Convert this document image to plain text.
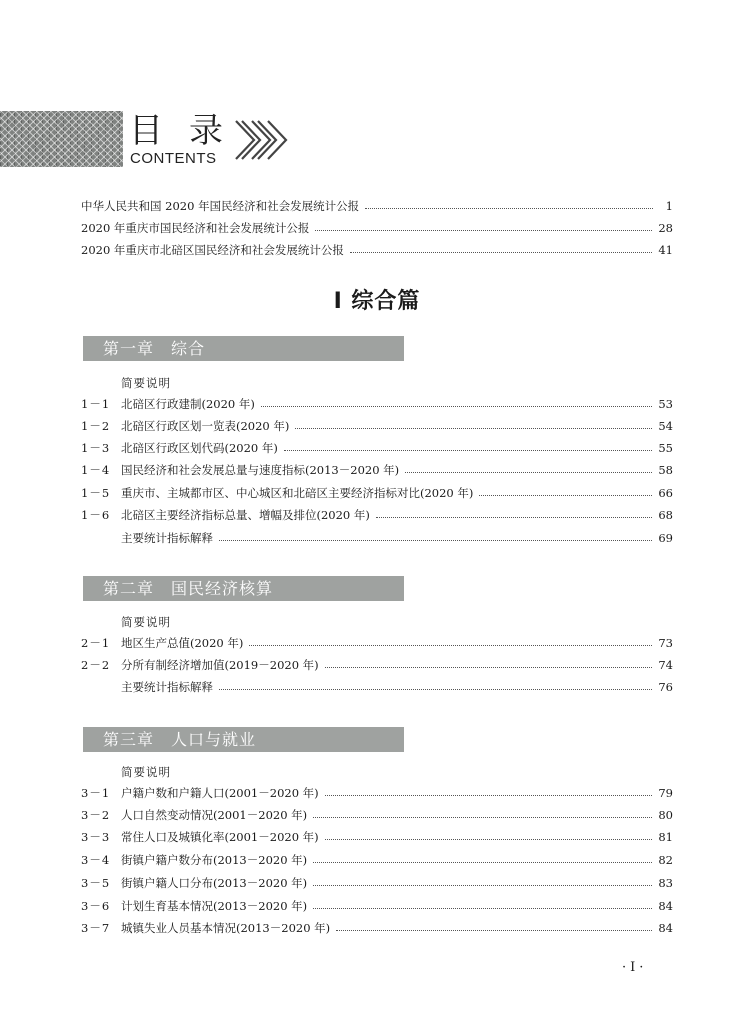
目录
CONTENTS
中华人民共和国 2020 年国民经济和社会发展统计公报	1
2020 年重庆市国民经济和社会发展统计公报	28
2020 年重庆市北碚区国民经济和社会发展统计公报	41
Ⅰ 综合篇
第一章　综合
简要说明
1－1 北碚区行政建制(2020 年)	53
1－2 北碚区行政区划一览表(2020 年)	54
1－3 北碚区行政区划代码(2020 年)	55
1－4 国民经济和社会发展总量与速度指标(2013－2020 年)	58
1－5 重庆市、主城都市区、中心城区和北碚区主要经济指标对比(2020 年)	66
1－6 北碚区主要经济指标总量、增幅及排位(2020 年)	68
主要统计指标解释	69
第二章　国民经济核算
简要说明
2－1 地区生产总值(2020 年)	73
2－2 分所有制经济增加值(2019－2020 年)	74
主要统计指标解释	76
第三章　人口与就业
简要说明
3－1 户籍户数和户籍人口(2001－2020 年)	79
3－2 人口自然变动情况(2001－2020 年)	80
3－3 常住人口及城镇化率(2001－2020 年)	81
3－4 街镇户籍户数分布(2013－2020 年)	82
3－5 街镇户籍人口分布(2013－2020 年)	83
3－6 计划生育基本情况(2013－2020 年)	84
3－7 城镇失业人员基本情况(2013－2020 年)	84
·Ⅰ·
